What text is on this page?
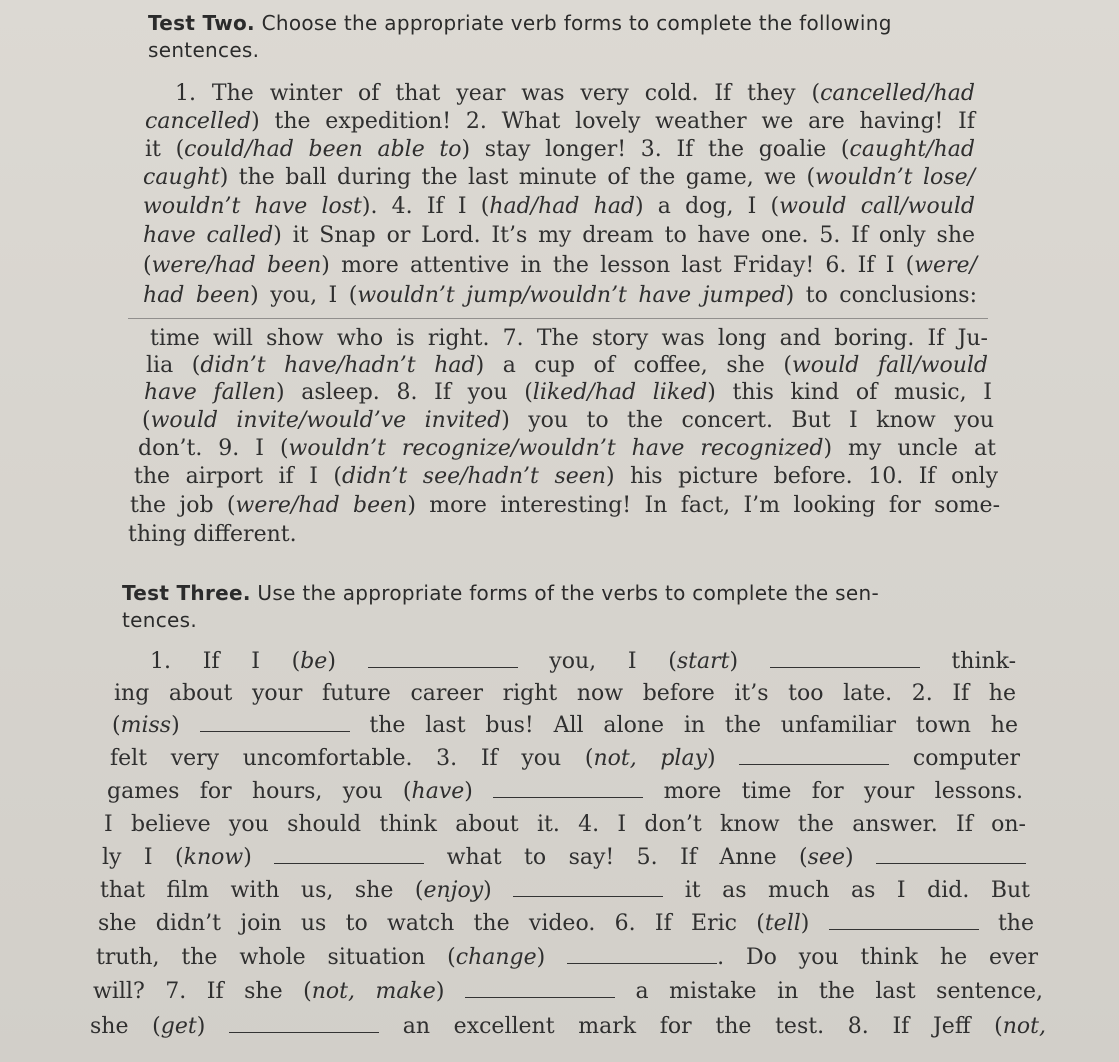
Test Two. Choose the appropriate verb forms to complete the following
sentences.
1. The winter of that year was very cold. If they (cancelled/had
cancelled) the expedition! 2. What lovely weather we are having! If
it (could/had been able to) stay longer! 3. If the goalie (caught/had
caught) the ball during the last minute of the game, we (wouldn’t lose/
wouldn’t have lost). 4. If I (had/had had) a dog, I (would call/would
have called) it Snap or Lord. It’s my dream to have one. 5. If only she
(were/had been) more attentive in the lesson last Friday! 6. If I (were/
had been) you, I (wouldn’t jump/wouldn’t have jumped) to conclusions:
time will show who is right. 7. The story was long and boring. If Ju-
lia (didn’t have/hadn’t had) a cup of coffee, she (would fall/would
have fallen) asleep. 8. If you (liked/had liked) this kind of music, I
(would invite/would’ve invited) you to the concert. But I know you
don’t. 9. I (wouldn’t recognize/wouldn’t have recognized) my uncle at
the airport if I (didn’t see/hadn’t seen) his picture before. 10. If only
the job (were/had been) more interesting! In fact, I’m looking for some-
thing different.
Test Three. Use the appropriate forms of the verbs to complete the sen-
tences.
1. If I (be)	you, I (start)	think-
ing about your future career right now before it’s too late. 2. If he
(miss)	the last bus! All alone in the unfamiliar town he
felt very uncomfortable. 3. If you (not, play)	computer
games for hours, you (have)	more time for your lessons.
I believe you should think about it. 4. I don’t know the answer. If on-
ly I (know)	what to say! 5. If Anne (see)
that film with us, she (enjoy)	it as much as I did. But
she didn’t join us to watch the video. 6. If Eric (tell)	the
truth, the whole situation (change)	. Do you think he ever
will? 7. If she (not, make)	a mistake in the last sentence,
she (get)	an excellent mark for the test. 8. If Jeff (not,
